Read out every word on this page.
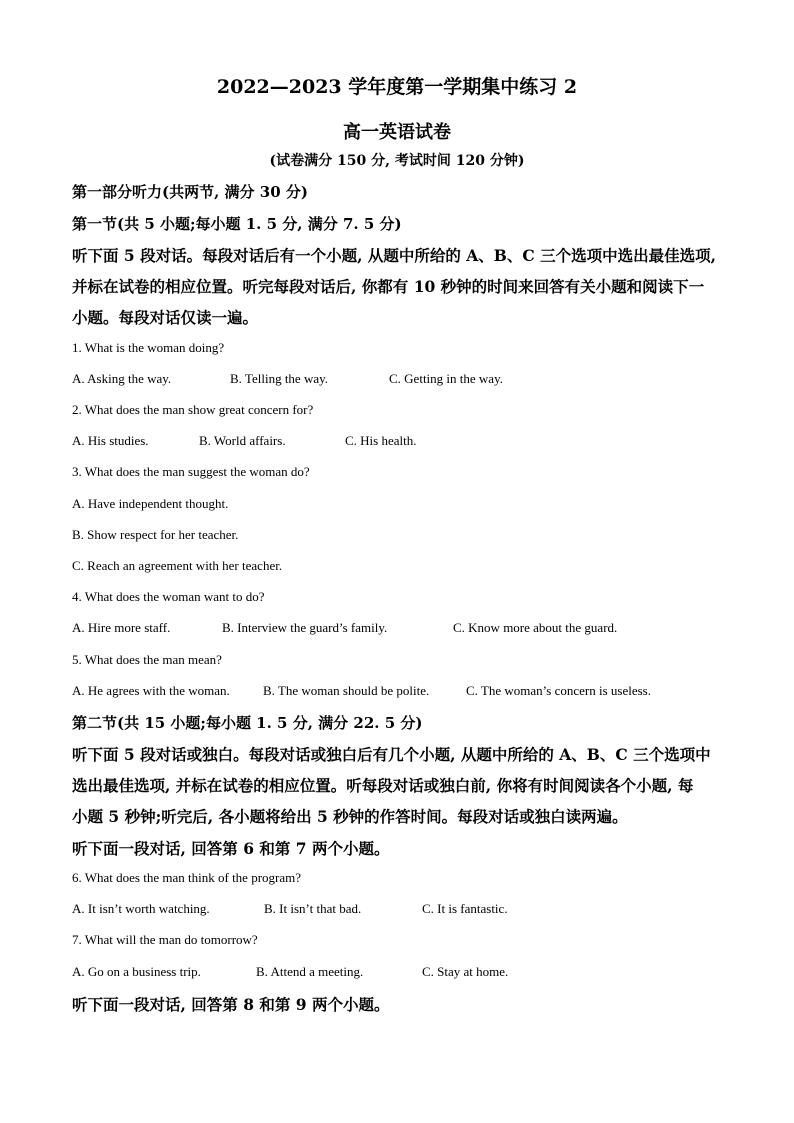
2022—2023 学年度第一学期集中练习 2
高一英语试卷
(试卷满分 150 分, 考试时间 120 分钟)
第一部分听力(共两节, 满分 30 分)
第一节(共 5 小题;每小题 1. 5 分, 满分 7. 5 分)
听下面 5 段对话。每段对话后有一个小题, 从题中所给的 A、B、C 三个选项中选出最佳选项,
并标在试卷的相应位置。听完每段对话后, 你都有 10 秒钟的时间来回答有关小题和阅读下一
小题。每段对话仅读一遍。
1. What is the woman doing?
A. Asking the way.	B. Telling the way.	C. Getting in the way.
2. What does the man show great concern for?
A. His studies.	B. World affairs.	C. His health.
3. What does the man suggest the woman do?
A. Have independent thought.
B. Show respect for her teacher.
C. Reach an agreement with her teacher.
4. What does the woman want to do?
A. Hire more staff.	B. Interview the guard’s family.	C. Know more about the guard.
5. What does the man mean?
A. He agrees with the woman.	B. The woman should be polite.	C. The woman’s concern is useless.
第二节(共 15 小题;每小题 1. 5 分, 满分 22. 5 分)
听下面 5 段对话或独白。每段对话或独白后有几个小题, 从题中所给的 A、B、C 三个选项中
选出最佳选项, 并标在试卷的相应位置。听每段对话或独白前, 你将有时间阅读各个小题, 每
小题 5 秒钟;听完后, 各小题将给出 5 秒钟的作答时间。每段对话或独白读两遍。
听下面一段对话, 回答第 6 和第 7 两个小题。
6. What does the man think of the program?
A. It isn’t worth watching.	B. It isn’t that bad.	C. It is fantastic.
7. What will the man do tomorrow?
A. Go on a business trip.	B. Attend a meeting.	C. Stay at home.
听下面一段对话, 回答第 8 和第 9 两个小题。
